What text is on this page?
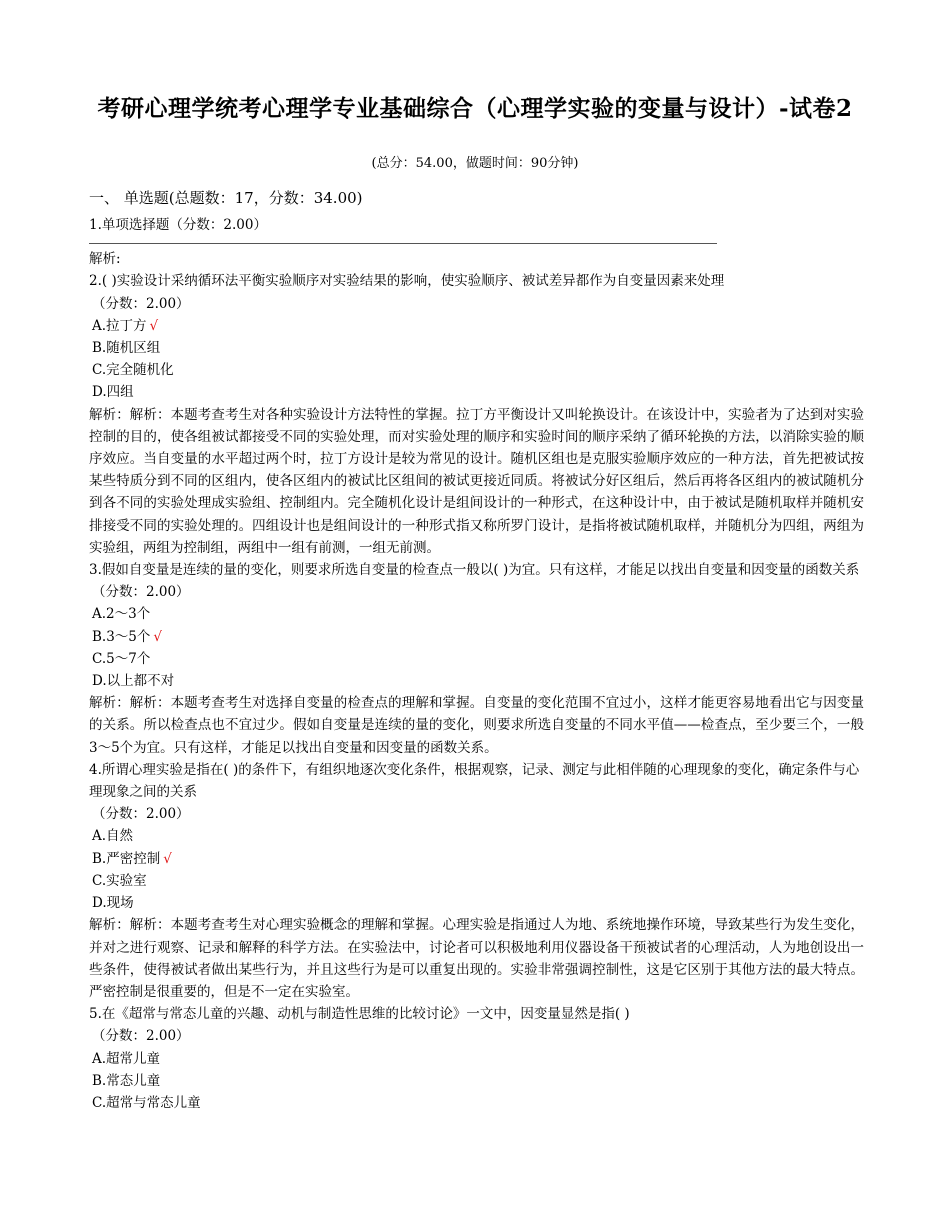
考研心理学统考心理学专业基础综合（心理学实验的变量与设计）-试卷2
(总分：54.00，做题时间：90分钟)
一、 单选题(总题数：17，分数：34.00)
1.单项选择题（分数：2.00）
解析:
2.( )实验设计采纳循环法平衡实验顺序对实验结果的影响，使实验顺序、被试差异都作为自变量因素来处理
（分数：2.00）
A.拉丁方 √
B.随机区组
C.完全随机化
D.四组
解析：解析：本题考查考生对各种实验设计方法特性的掌握。拉丁方平衡设计又叫轮换设计。在该设计中，实验者为了达到对实验控制的目的，使各组被试都接受不同的实验处理，而对实验处理的顺序和实验时间的顺序采纳了循环轮换的方法，以消除实验的顺序效应。当自变量的水平超过两个时，拉丁方设计是较为常见的设计。随机区组也是克服实验顺序效应的一种方法，首先把被试按某些特质分到不同的区组内，使各区组内的被试比区组间的被试更接近同质。将被试分好区组后，然后再将各区组内的被试随机分到各不同的实验处理成实验组、控制组内。完全随机化设计是组间设计的一种形式，在这种设计中，由于被试是随机取样并随机安排接受不同的实验处理的。四组设计也是组间设计的一种形式指又称所罗门设计，是指将被试随机取样，并随机分为四组，两组为实验组，两组为控制组，两组中一组有前测，一组无前测。
3.假如自变量是连续的量的变化，则要求所选自变量的检查点一般以( )为宜。只有这样，才能足以找出自变量和因变量的函数关系
（分数：2.00）
A.2～3个
B.3～5个 √
C.5～7个
D.以上都不对
解析：解析：本题考查考生对选择自变量的检查点的理解和掌握。自变量的变化范围不宜过小，这样才能更容易地看出它与因变量的关系。所以检查点也不宜过少。假如自变量是连续的量的变化，则要求所选自变量的不同水平值——检查点，至少要三个，一般3～5个为宜。只有这样，才能足以找出自变量和因变量的函数关系。
4.所谓心理实验是指在( )的条件下，有组织地逐次变化条件，根据观察，记录、测定与此相伴随的心理现象的变化，确定条件与心理现象之间的关系
（分数：2.00）
A.自然
B.严密控制 √
C.实验室
D.现场
解析：解析：本题考查考生对心理实验概念的理解和掌握。心理实验是指通过人为地、系统地操作环境，导致某些行为发生变化，并对之进行观察、记录和解释的科学方法。在实验法中，讨论者可以积极地利用仪器设备干预被试者的心理活动，人为地创设出一些条件，使得被试者做出某些行为，并且这些行为是可以重复出现的。实验非常强调控制性，这是它区别于其他方法的最大特点。严密控制是很重要的，但是不一定在实验室。
5.在《超常与常态儿童的兴趣、动机与制造性思维的比较讨论》一文中，因变量显然是指( )
（分数：2.00）
A.超常儿童
B.常态儿童
C.超常与常态儿童
